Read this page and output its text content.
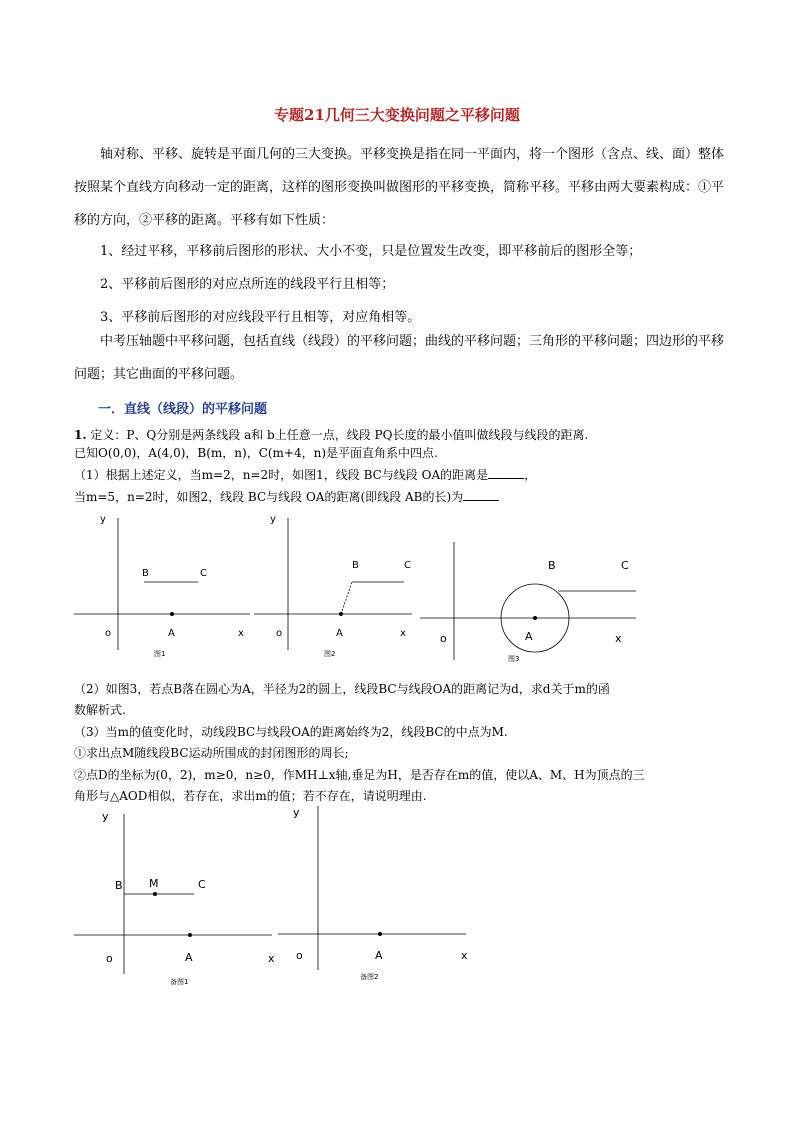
专题21几何三大变换问题之平移问题

轴对称、平移、旋转是平面几何的三大变换。平移变换是指在同一平面内，将一个图形（含点、线、面）整体按照某个直线方向移动一定的距离，这样的图形变换叫做图形的平移变换，简称平移。平移由两大要素构成：①平移的方向，②平移的距离。平移有如下性质：

1、经过平移，平移前后图形的形状、大小不变，只是位置发生改变，即平移前后的图形全等；

2、平移前后图形的对应点所连的线段平行且相等；

3、平移前后图形的对应线段平行且相等，对应角相等。

中考压轴题中平移问题，包括直线（线段）的平移问题；曲线的平移问题；三角形的平移问题；四边形的平移问题；其它曲面的平移问题。

一．直线（线段）的平移问题

1. 定义：P、Q分别是两条线段 a和 b上任意一点，线段 PQ长度的最小值叫做线段与线段的距离.

已知O(0,0)，A(4,0)，B(m，n)，C(m+4，n)是平面直角系中四点.

（1）根据上述定义，当m=2，n=2时，如图1，线段 BC与线段 OA的距离是	，

当m=5，n=2时，如图2，线段 BC与线段 OA的距离(即线段 AB的长)为

y
o	x
A
B	C
图1
y
o	x
A
B	C
图2
o	x
A
B	C
图3

（2）如图3，若点B落在圆心为A，半径为2的圆上，线段BC与线段OA的距离记为d，求d关于m的函

数解析式.

（3）当m的值变化时，动线段BC与线段OA的距离始终为2，线段BC的中点为M.

①求出点M随线段BC运动所围成的封闭图形的周长;

②点D的坐标为(0，2)，m≥0，n≥0，作MH⊥x轴,垂足为H，是否存在m的值，使以A、M、H为顶点的三

角形与△AOD相似，若存在，求出m的值；若不存在，请说明理由.

y
o	x
A
B M	C
备图1
y
o	x
A
备图2
